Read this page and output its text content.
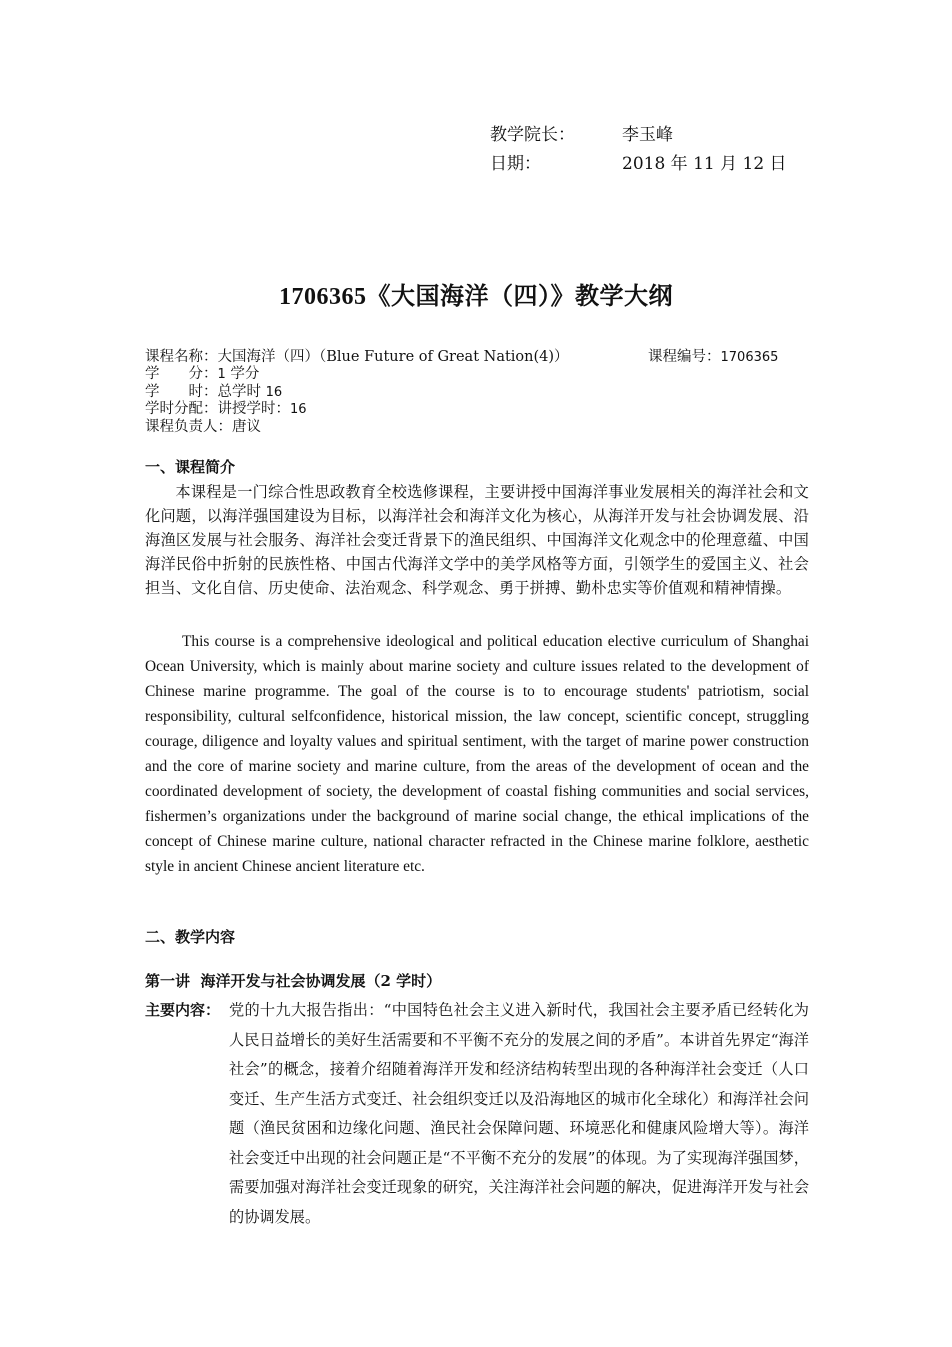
教学院长：	李玉峰
日期：	2018 年 11 月 12 日
1706365《大国海洋（四）》教学大纲
课程名称：大国海洋（四）（Blue Future of Great Nation(4)）	课程编号：1706365
学　　分：1 学分
学　　时：总学时 16
学时分配：讲授学时：16
课程负责人：唐议
一、课程简介
本课程是一门综合性思政教育全校选修课程，主要讲授中国海洋事业发展相关的海洋社会和文化问题，以海洋强国建设为目标，以海洋社会和海洋文化为核心，从海洋开发与社会协调发展、沿海渔区发展与社会服务、海洋社会变迁背景下的渔民组织、中国海洋文化观念中的伦理意蕴、中国海洋民俗中折射的民族性格、中国古代海洋文学中的美学风格等方面，引领学生的爱国主义、社会担当、文化自信、历史使命、法治观念、科学观念、勇于拼搏、勤朴忠实等价值观和精神情操。
This course is a comprehensive ideological and political education elective curriculum of Shanghai Ocean University, which is mainly about marine society and culture issues related to the development of Chinese marine programme. The goal of the course is to to encourage students' patriotism, social responsibility, cultural selfconfidence, historical mission, the law concept, scientific concept, struggling courage, diligence and loyalty values and spiritual sentiment, with the target of marine power construction and the core of marine society and marine culture, from the areas of the development of ocean and the coordinated development of society, the development of coastal fishing communities and social services, fishermen’s organizations under the background of marine social change, the ethical implications of the concept of Chinese marine culture, national character refracted in the Chinese marine folklore, aesthetic style in ancient Chinese ancient literature etc.
二、教学内容
第一讲  海洋开发与社会协调发展（2 学时）
主要内容： 党的十九大报告指出：“中国特色社会主义进入新时代，我国社会主要矛盾已经转化为人民日益增长的美好生活需要和不平衡不充分的发展之间的矛盾”。本讲首先界定“海洋社会”的概念，接着介绍随着海洋开发和经济结构转型出现的各种海洋社会变迁（人口变迁、生产生活方式变迁、社会组织变迁以及沿海地区的城市化全球化）和海洋社会问题（渔民贫困和边缘化问题、渔民社会保障问题、环境恶化和健康风险增大等）。海洋社会变迁中出现的社会问题正是“不平衡不充分的发展”的体现。为了实现海洋强国梦，需要加强对海洋社会变迁现象的研究，关注海洋社会问题的解决，促进海洋开发与社会的协调发展。
